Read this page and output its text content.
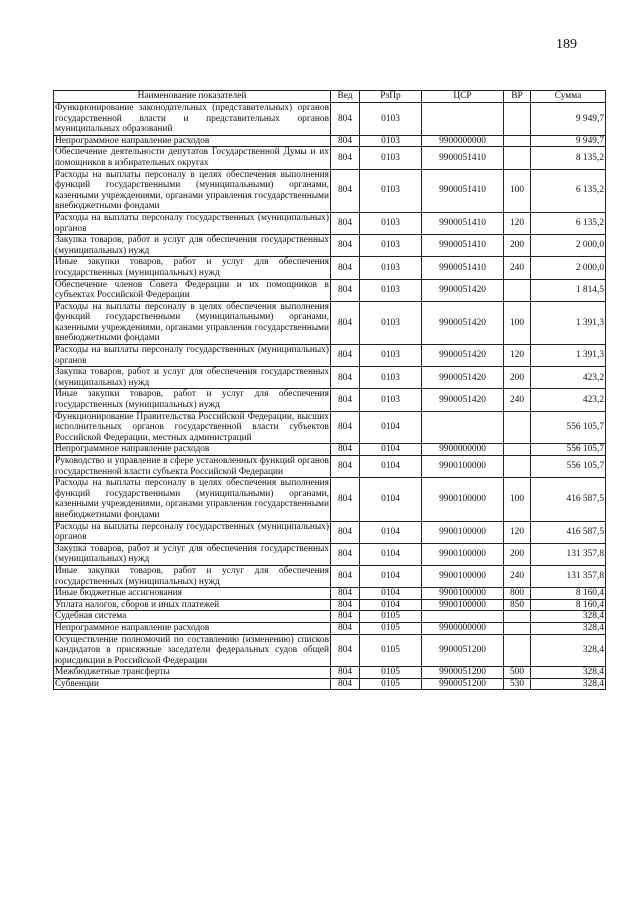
189
Наименование показателей	Вед	РзПр	ЦСР	ВР	Сумма
Функционирование законодательных (представительных) органов государственной власти и представительных органов муниципальных образований	804	0103			9 949,7
Непрограммное направление расходов	804	0103	9900000000		9 949,7
Обеспечение деятельности депутатов Государственной Думы и их помощников в избирательных округах	804	0103	9900051410		8 135,2
Расходы на выплаты персоналу в целях обеспечения выполнения функций государственными (муниципальными) органами, казенными учреждениями, органами управления государственными внебюджетными фондами	804	0103	9900051410	100	6 135,2
Расходы на выплаты персоналу государственных (муниципальных) органов	804	0103	9900051410	120	6 135,2
Закупка товаров, работ и услуг для обеспечения государственных (муниципальных) нужд	804	0103	9900051410	200	2 000,0
Иные закупки товаров, работ и услуг для обеспечения государственных (муниципальных) нужд	804	0103	9900051410	240	2 000,0
Обеспечение членов Совета Федерации и их помощников в субъектах Российской Федерации	804	0103	9900051420		1 814,5
Расходы на выплаты персоналу в целях обеспечения выполнения функций государственными (муниципальными) органами, казенными учреждениями, органами управления государственными внебюджетными фондами	804	0103	9900051420	100	1 391,3
Расходы на выплаты персоналу государственных (муниципальных) органов	804	0103	9900051420	120	1 391,3
Закупка товаров, работ и услуг для обеспечения государственных (муниципальных) нужд	804	0103	9900051420	200	423,2
Иные закупки товаров, работ и услуг для обеспечения государственных (муниципальных) нужд	804	0103	9900051420	240	423,2
Функционирование Правительства Российской Федерации, высших исполнительных органов государственной власти субъектов Российской Федерации, местных администраций	804	0104			556 105,7
Непрограммное направление расходов	804	0104	9900000000		556 105,7
Руководство и управление в сфере установленных функций органов государственной власти субъекта Российской Федерации	804	0104	9900100000		556 105,7
Расходы на выплаты персоналу в целях обеспечения выполнения функций государственными (муниципальными) органами, казенными учреждениями, органами управления государственными внебюджетными фондами	804	0104	9900100000	100	416 587,5
Расходы на выплаты персоналу государственных (муниципальных) органов	804	0104	9900100000	120	416 587,5
Закупка товаров, работ и услуг для обеспечения государственных (муниципальных) нужд	804	0104	9900100000	200	131 357,8
Иные закупки товаров, работ и услуг для обеспечения государственных (муниципальных) нужд	804	0104	9900100000	240	131 357,8
Иные бюджетные ассигнования	804	0104	9900100000	800	8 160,4
Уплата налогов, сборов и иных платежей	804	0104	9900100000	850	8 160,4
Судебная система	804	0105			328,4
Непрограммное направление расходов	804	0105	9900000000		328,4
Осуществление полномочий по составлению (изменению) списков кандидатов в присяжные заседатели федеральных судов общей юрисдикции в Российской Федерации	804	0105	9900051200		328,4
Межбюджетные трансферты	804	0105	9900051200	500	328,4
Субвенции	804	0105	9900051200	530	328,4
